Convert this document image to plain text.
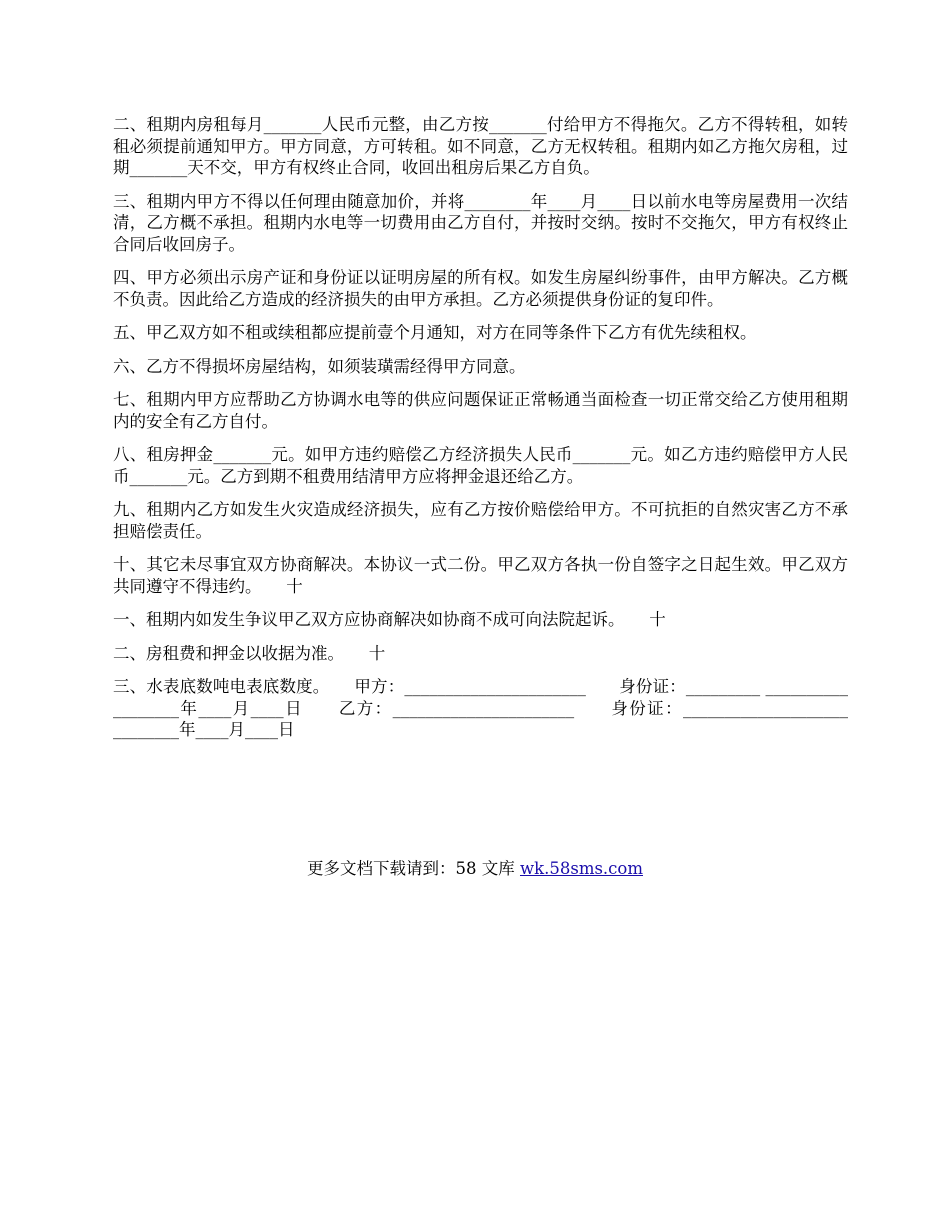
二、租期内房租每月_______人民币元整，由乙方按_______付给甲方不得拖欠。乙方不得转租，如转租必须提前通知甲方。甲方同意，方可转租。如不同意，乙方无权转租。租期内如乙方拖欠房租，过期_______天不交，甲方有权终止合同，收回出租房后果乙方自负。

三、租期内甲方不得以任何理由随意加价，并将________年____月____日以前水电等房屋费用一次结清，乙方概不承担。租期内水电等一切费用由乙方自付，并按时交纳。按时不交拖欠，甲方有权终止合同后收回房子。

四、甲方必须出示房产证和身份证以证明房屋的所有权。如发生房屋纠纷事件，由甲方解决。乙方概不负责。因此给乙方造成的经济损失的由甲方承担。乙方必须提供身份证的复印件。

五、甲乙双方如不租或续租都应提前壹个月通知，对方在同等条件下乙方有优先续租权。

六、乙方不得损坏房屋结构，如须装璜需经得甲方同意。

七、租期内甲方应帮助乙方协调水电等的供应问题保证正常畅通当面检查一切正常交给乙方使用租期内的安全有乙方自付。

八、租房押金_______元。如甲方违约赔偿乙方经济损失人民币_______元。如乙方违约赔偿甲方人民币_______元。乙方到期不租费用结清甲方应将押金退还给乙方。

九、租期内乙方如发生火灾造成经济损失，应有乙方按价赔偿给甲方。不可抗拒的自然灾害乙方不承担赔偿责任。

十、其它未尽事宜双方协商解决。本协议一式二份。甲乙双方各执一份自签字之日起生效。甲乙双方共同遵守不得违约。　　十

一、租期内如发生争议甲乙双方应协商解决如协商不成可向法院起诉。　　十

二、房租费和押金以收据为准。　　十

三、水表底数吨电表底数度。　　甲方：______________________　　身份证：_________ __________　 ________年____月____日　　乙方：______________________　　身份证：____________________　 ________年____月____日

更多文档下载请到：58 文库 wk.58sms.com
